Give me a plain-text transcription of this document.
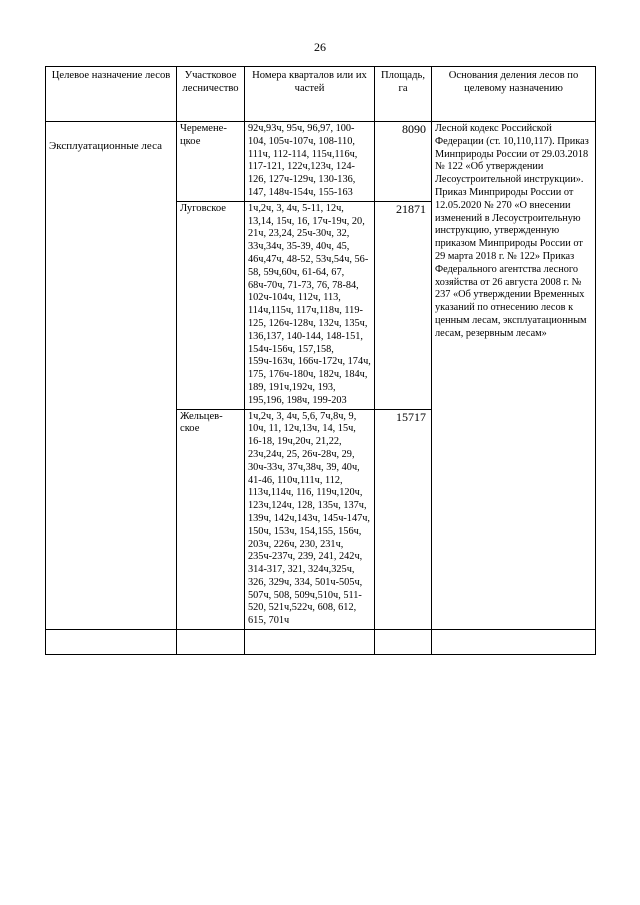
26
Целевое назначение лесов	Участковое лесничество	Номера кварталов или их частей	Площадь, га	Основания деления лесов по целевому назначению
Эксплуатационные леса	Черемене-цкое	92ч,93ч, 95ч, 96,97, 100-104, 105ч-107ч, 108-110, 111ч, 112-114, 115ч,116ч, 117-121, 122ч,123ч, 124-126, 127ч-129ч, 130-136, 147, 148ч-154ч, 155-163	8090	Лесной кодекс Российской Федерации (ст. 10,110,117). Приказ Минприроды России от 29.03.2018 № 122 «Об утверждении Лесоустроительной инструкции». Приказ Минприроды России от 12.05.2020 № 270 «О внесении изменений в Лесоустроительную инструкцию, утвержденную приказом Минприроды России от 29 марта 2018 г. № 122» Приказ Федерального агентства лесного хозяйства от 26 августа 2008 г. № 237 «Об утверждении Временных указаний по отнесению лесов к ценным лесам, эксплуатационным лесам, резервным лесам»
	Луговское	1ч,2ч, 3, 4ч, 5-11, 12ч, 13,14, 15ч, 16, 17ч-19ч, 20, 21ч, 23,24, 25ч-30ч, 32, 33ч,34ч, 35-39, 40ч, 45, 46ч,47ч, 48-52, 53ч,54ч, 56-58, 59ч,60ч, 61-64, 67, 68ч-70ч, 71-73, 76, 78-84, 102ч-104ч, 112ч, 113, 114ч,115ч, 117ч,118ч, 119-125, 126ч-128ч, 132ч, 135ч, 136,137, 140-144, 148-151, 154ч-156ч, 157,158, 159ч-163ч, 166ч-172ч, 174ч, 175, 176ч-180ч, 182ч, 184ч, 189, 191ч,192ч, 193, 195,196, 198ч, 199-203	21871	
	Жельцев-ское	1ч,2ч, 3, 4ч, 5,6, 7ч,8ч, 9, 10ч, 11, 12ч,13ч, 14, 15ч, 16-18, 19ч,20ч, 21,22, 23ч,24ч, 25, 26ч-28ч, 29, 30ч-33ч, 37ч,38ч, 39, 40ч, 41-46, 110ч,111ч, 112, 113ч,114ч, 116, 119ч,120ч, 123ч,124ч, 128, 135ч, 137ч, 139ч, 142ч,143ч, 145ч-147ч, 150ч, 153ч, 154,155, 156ч, 203ч, 226ч, 230, 231ч, 235ч-237ч, 239, 241, 242ч, 314-317, 321, 324ч,325ч, 326, 329ч, 334, 501ч-505ч, 507ч, 508, 509ч,510ч, 511-520, 521ч,522ч, 608, 612, 615, 701ч	15717	
